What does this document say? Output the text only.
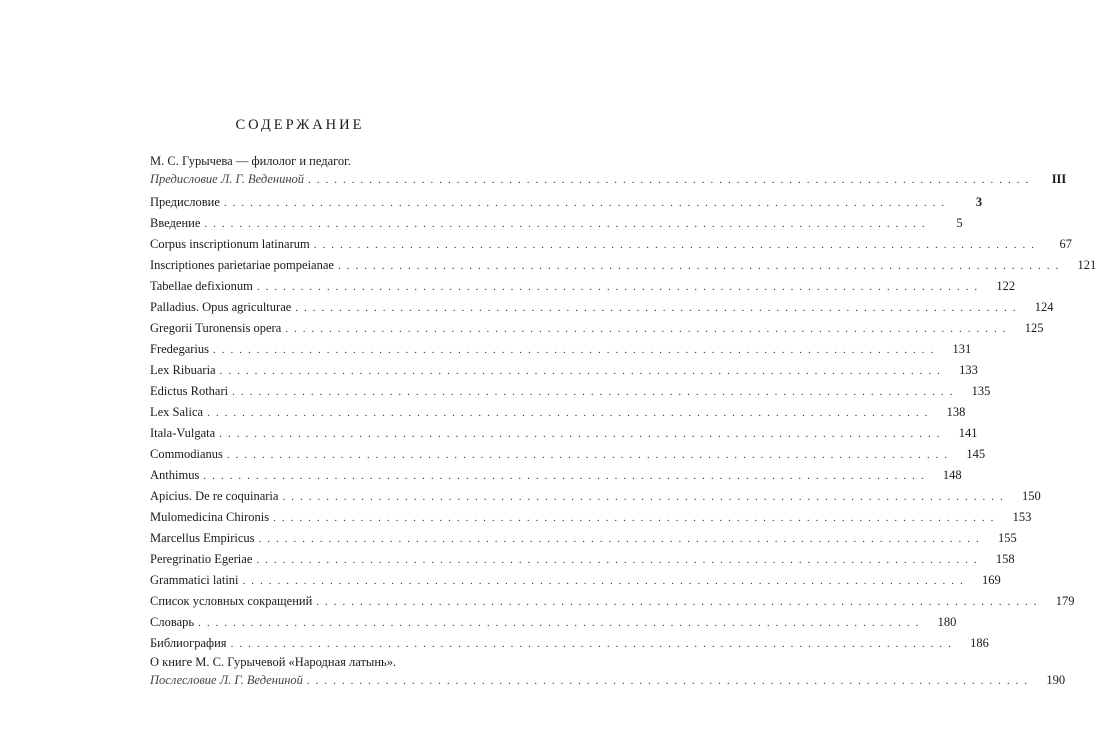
СОДЕРЖАНИЕ
М. С. Гурычева — филолог и педагог.
Предисловие Л. Г. Ведениной ...................................................................................	III
Предисловие ...................................................................................	3
Введение ...................................................................................	5
Corpus inscriptionum latinarum ...................................................................................	67
Inscriptiones parietariae pompeianae ...................................................................................	121
Tabellae defixionum ...................................................................................	122
Palladius. Opus agriculturae ...................................................................................	124
Gregorii Turonensis opera ...................................................................................	125
Fredegarius ...................................................................................	131
Lex Ribuaria ...................................................................................	133
Edictus Rothari ...................................................................................	135
Lex Salica ...................................................................................	138
Itala-Vulgata ...................................................................................	141
Commodianus ...................................................................................	145
Anthimus ...................................................................................	148
Apicius. De re coquinaria ...................................................................................	150
Mulomedicina Chironis ...................................................................................	153
Marcellus Empiricus ...................................................................................	155
Peregrinatio Egeriae ...................................................................................	158
Grammatici latini ...................................................................................	169
Список условных сокращений ...................................................................................	179
Словарь ...................................................................................	180
Библиография ...................................................................................	186
О книге М. С. Гурычевой «Народная латынь».
Послесловие Л. Г. Ведениной ...................................................................................	190
